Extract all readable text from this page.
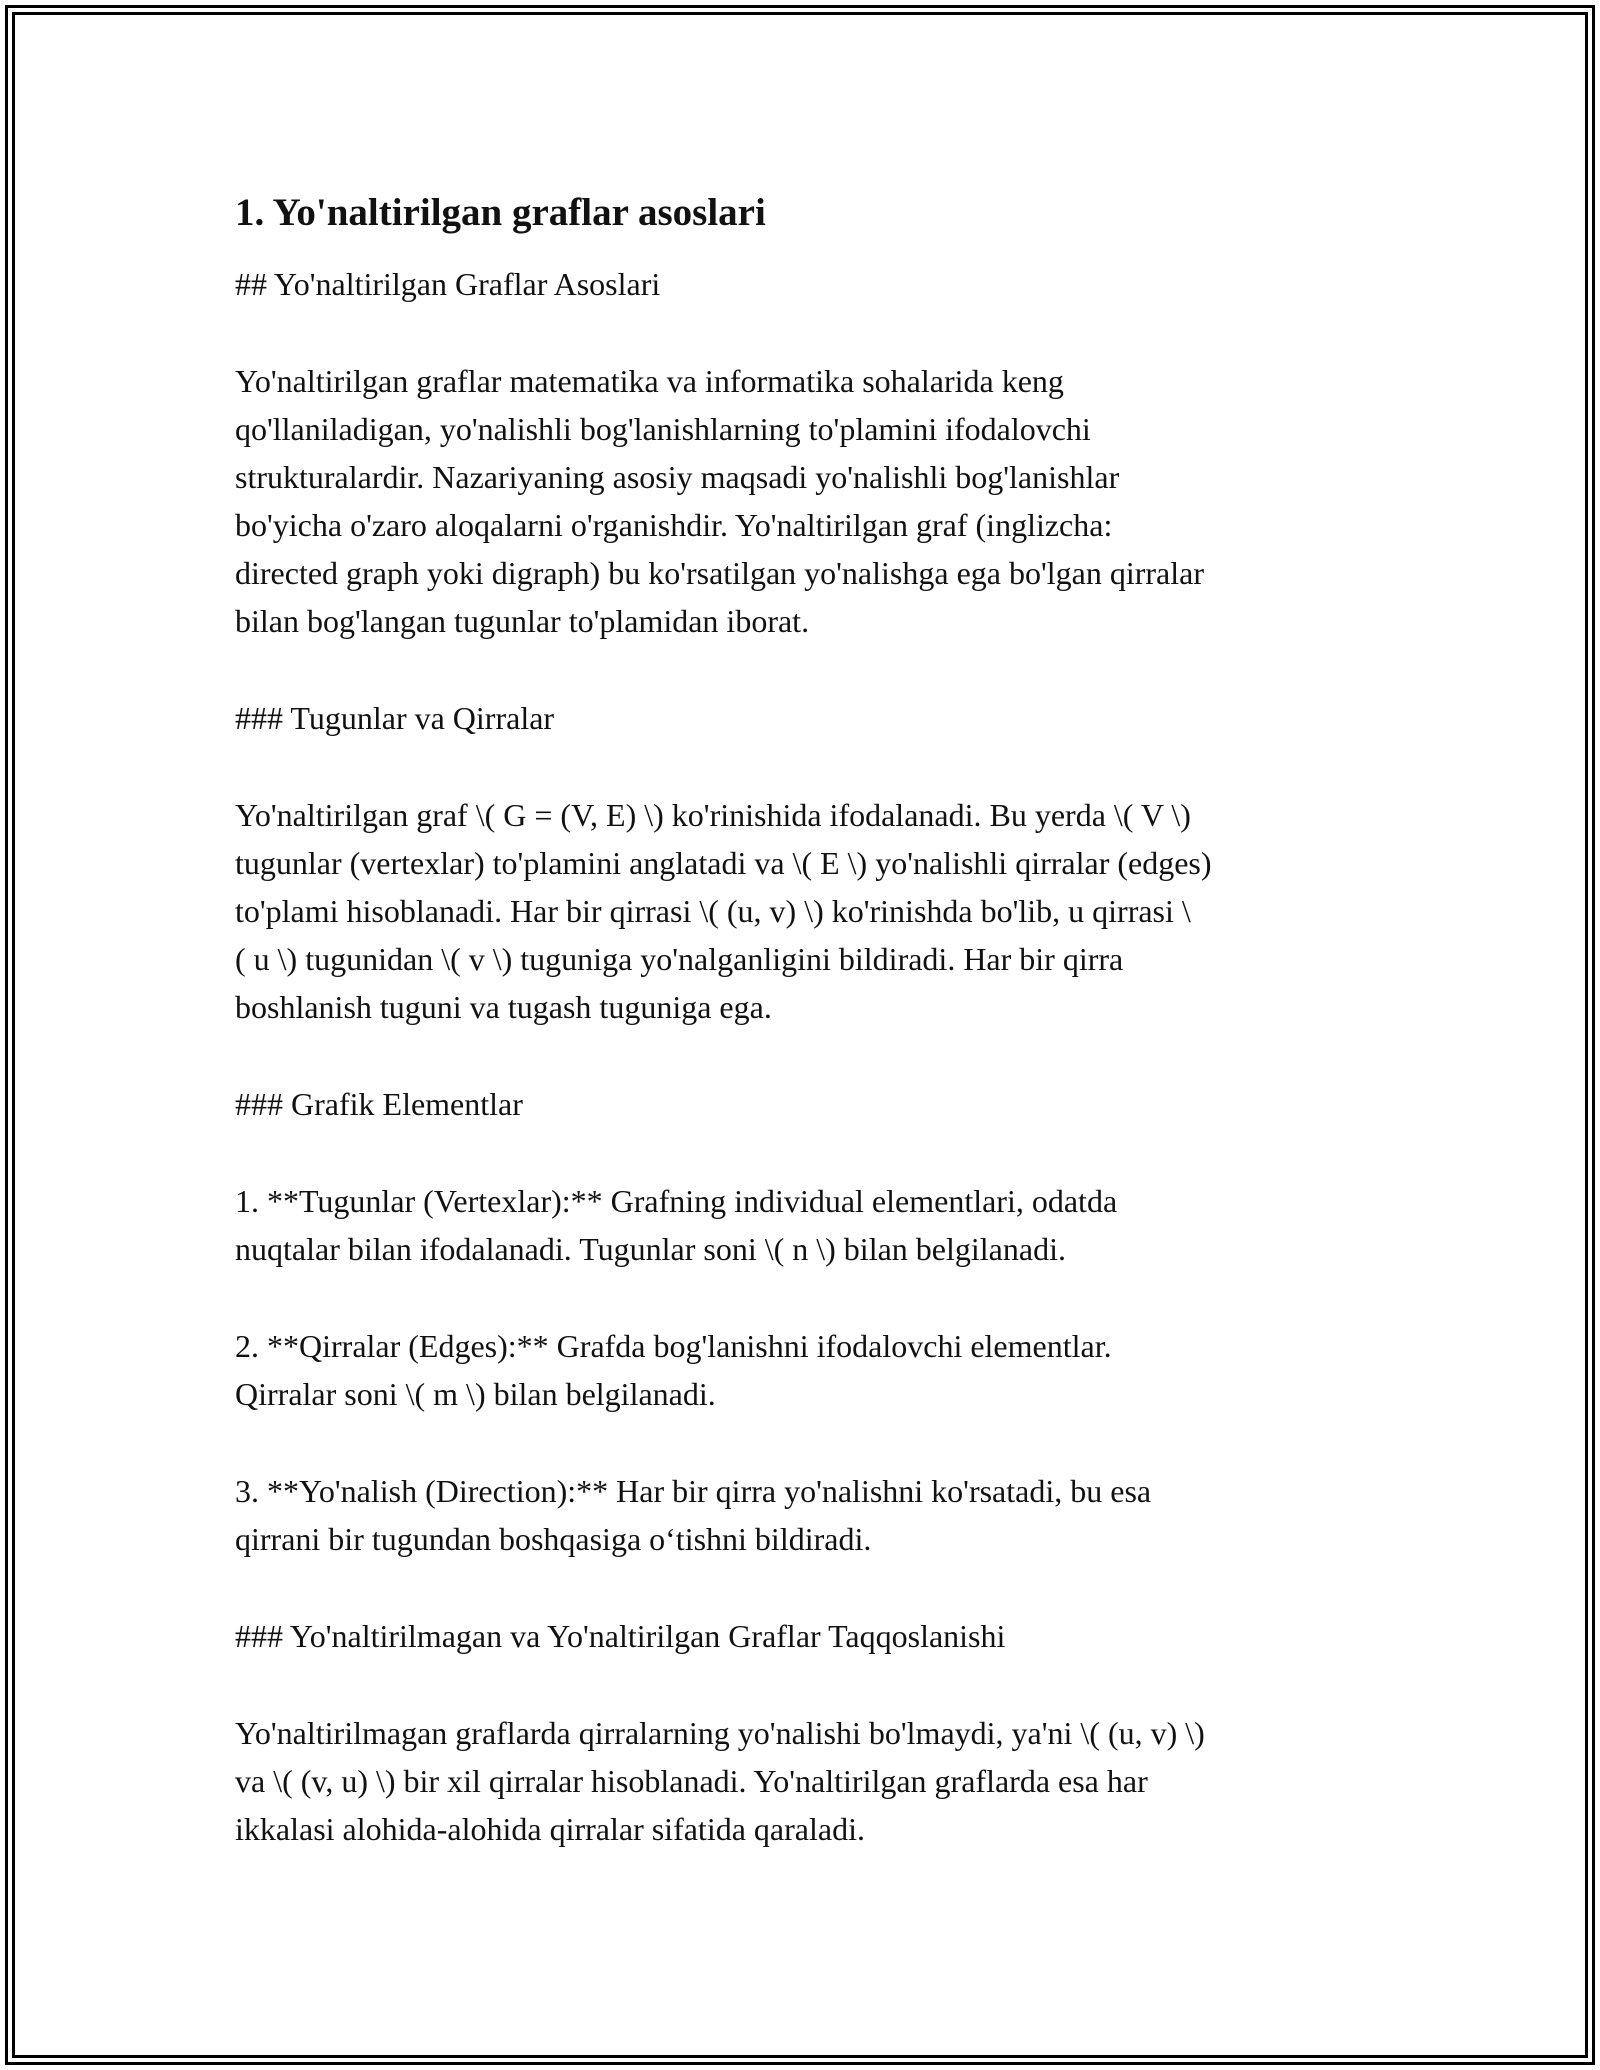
1. Yo'naltirilgan graflar asoslari

## Yo'naltirilgan Graflar Asoslari

Yo'naltirilgan graflar matematika va informatika sohalarida keng
qo'llaniladigan, yo'nalishli bog'lanishlarning to'plamini ifodalovchi
strukturalardir. Nazariyaning asosiy maqsadi yo'nalishli bog'lanishlar
bo'yicha o'zaro aloqalarni o'rganishdir. Yo'naltirilgan graf (inglizcha:
directed graph yoki digraph) bu ko'rsatilgan yo'nalishga ega bo'lgan qirralar
bilan bog'langan tugunlar to'plamidan iborat.

### Tugunlar va Qirralar

Yo'naltirilgan graf \( G = (V, E) \) ko'rinishida ifodalanadi. Bu yerda \( V \)
tugunlar (vertexlar) to'plamini anglatadi va \( E \) yo'nalishli qirralar (edges)
to'plami hisoblanadi. Har bir qirrasi \( (u, v) \) ko'rinishda bo'lib, u qirrasi \
( u \) tugunidan \( v \) tuguniga yo'nalganligini bildiradi. Har bir qirra
boshlanish tuguni va tugash tuguniga ega.

### Grafik Elementlar

1. **Tugunlar (Vertexlar):** Grafning individual elementlari, odatda
nuqtalar bilan ifodalanadi. Tugunlar soni \( n \) bilan belgilanadi.

2. **Qirralar (Edges):** Grafda bog'lanishni ifodalovchi elementlar.
Qirralar soni \( m \) bilan belgilanadi.

3. **Yo'nalish (Direction):** Har bir qirra yo'nalishni ko'rsatadi, bu esa
qirrani bir tugundan boshqasiga o‘tishni bildiradi.

### Yo'naltirilmagan va Yo'naltirilgan Graflar Taqqoslanishi

Yo'naltirilmagan graflarda qirralarning yo'nalishi bo'lmaydi, ya'ni \( (u, v) \)
va \( (v, u) \) bir xil qirralar hisoblanadi. Yo'naltirilgan graflarda esa har
ikkalasi alohida-alohida qirralar sifatida qaraladi.
